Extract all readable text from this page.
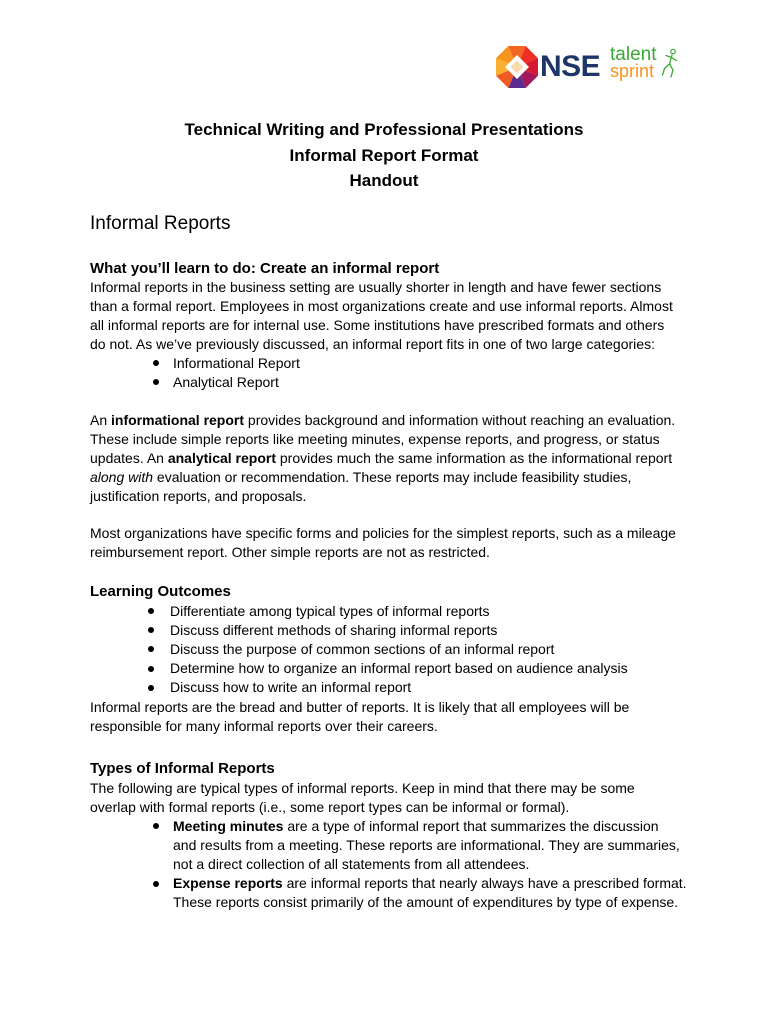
NSE talent
sprint
Technical Writing and Professional Presentations
Informal Report Format
Handout
Informal Reports
What you’ll learn to do: Create an informal report
Informal reports in the business setting are usually shorter in length and have fewer sections
than a formal report. Employees in most organizations create and use informal reports. Almost
all informal reports are for internal use. Some institutions have prescribed formats and others
do not. As we’ve previously discussed, an informal report fits in one of two large categories:
Informational Report
Analytical Report
An informational report provides background and information without reaching an evaluation.
These include simple reports like meeting minutes, expense reports, and progress, or status
updates. An analytical report provides much the same information as the informational report
along with evaluation or recommendation. These reports may include feasibility studies,
justification reports, and proposals.
Most organizations have specific forms and policies for the simplest reports, such as a mileage
reimbursement report. Other simple reports are not as restricted.
Learning Outcomes
Differentiate among typical types of informal reports
Discuss different methods of sharing informal reports
Discuss the purpose of common sections of an informal report
Determine how to organize an informal report based on audience analysis
Discuss how to write an informal report
Informal reports are the bread and butter of reports. It is likely that all employees will be
responsible for many informal reports over their careers.
Types of Informal Reports
The following are typical types of informal reports. Keep in mind that there may be some
overlap with formal reports (i.e., some report types can be informal or formal).
Meeting minutes are a type of informal report that summarizes the discussion
and results from a meeting. These reports are informational. They are summaries,
not a direct collection of all statements from all attendees.
Expense reports are informal reports that nearly always have a prescribed format.
These reports consist primarily of the amount of expenditures by type of expense.
